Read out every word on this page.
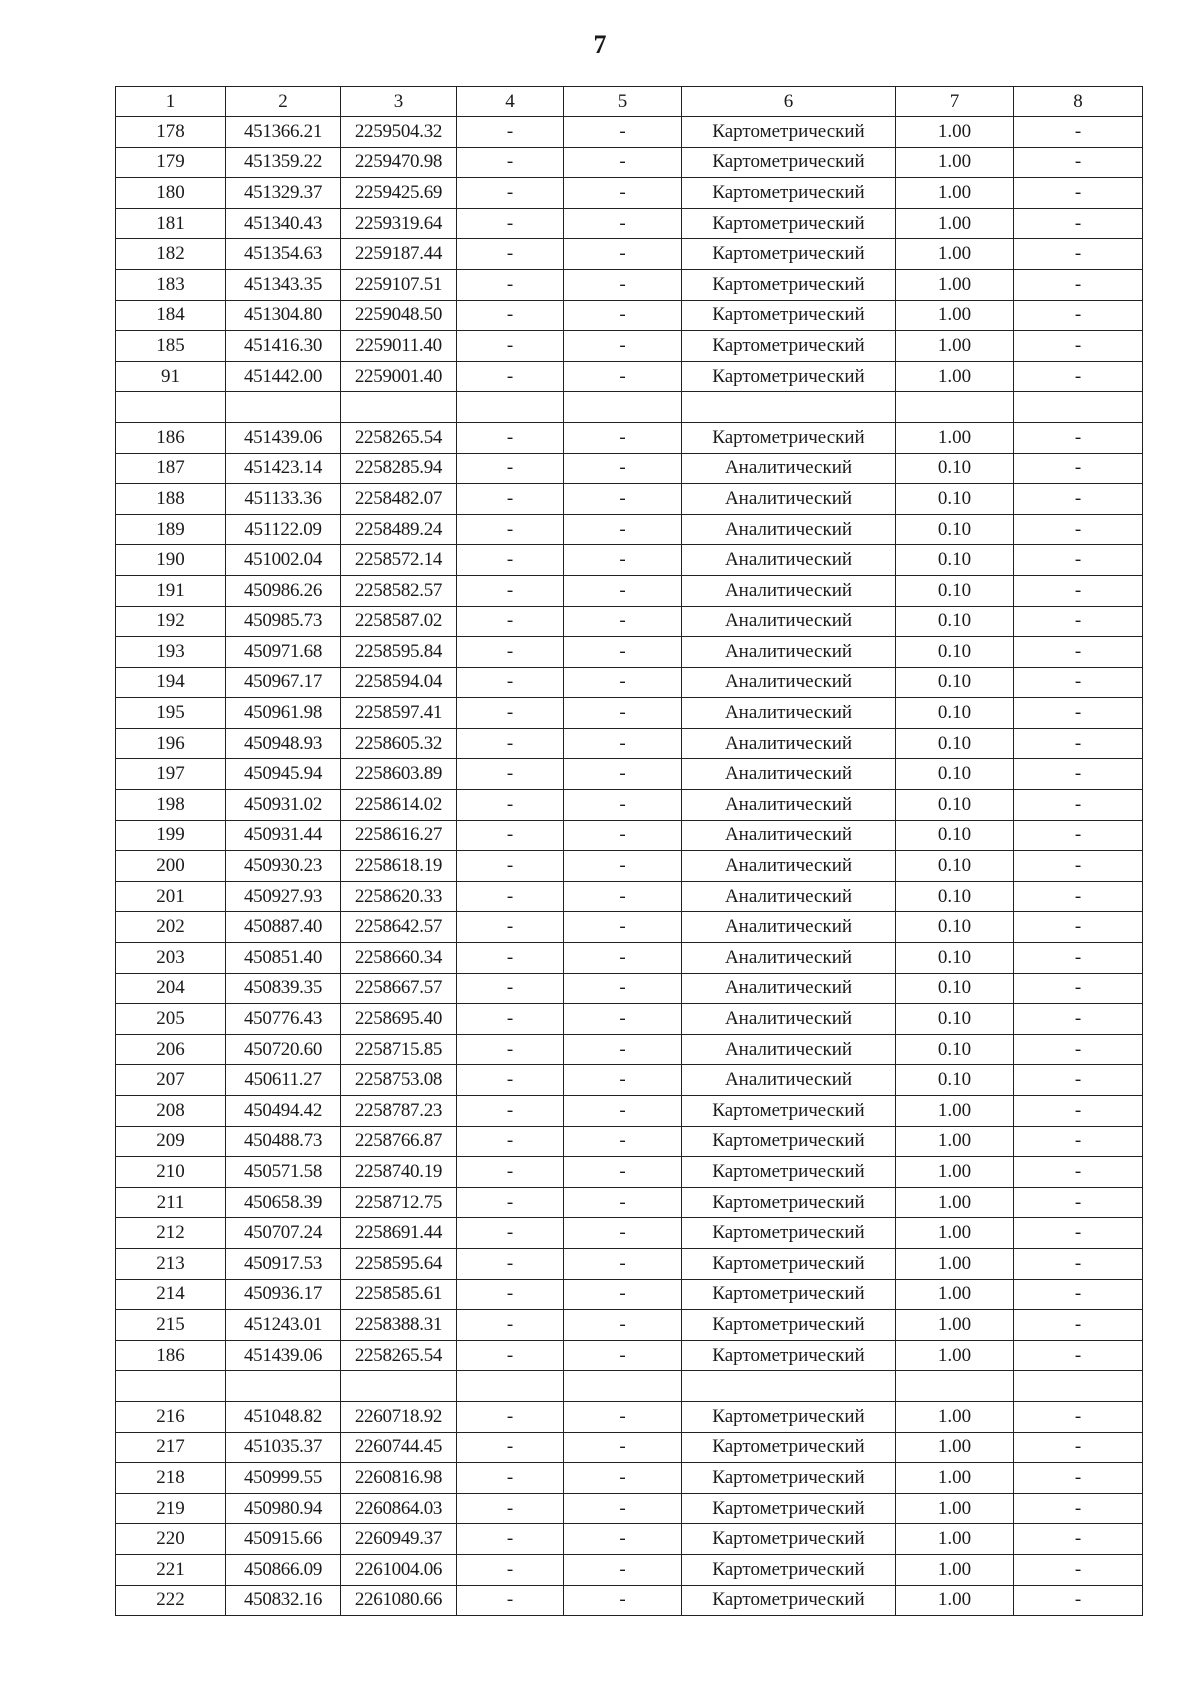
7
1	2	3	4	5	6	7	8
178	451366.21	2259504.32	-	-	Картометрический	1.00	-
179	451359.22	2259470.98	-	-	Картометрический	1.00	-
180	451329.37	2259425.69	-	-	Картометрический	1.00	-
181	451340.43	2259319.64	-	-	Картометрический	1.00	-
182	451354.63	2259187.44	-	-	Картометрический	1.00	-
183	451343.35	2259107.51	-	-	Картометрический	1.00	-
184	451304.80	2259048.50	-	-	Картометрический	1.00	-
185	451416.30	2259011.40	-	-	Картометрический	1.00	-
91	451442.00	2259001.40	-	-	Картометрический	1.00	-

186	451439.06	2258265.54	-	-	Картометрический	1.00	-
187	451423.14	2258285.94	-	-	Аналитический	0.10	-
188	451133.36	2258482.07	-	-	Аналитический	0.10	-
189	451122.09	2258489.24	-	-	Аналитический	0.10	-
190	451002.04	2258572.14	-	-	Аналитический	0.10	-
191	450986.26	2258582.57	-	-	Аналитический	0.10	-
192	450985.73	2258587.02	-	-	Аналитический	0.10	-
193	450971.68	2258595.84	-	-	Аналитический	0.10	-
194	450967.17	2258594.04	-	-	Аналитический	0.10	-
195	450961.98	2258597.41	-	-	Аналитический	0.10	-
196	450948.93	2258605.32	-	-	Аналитический	0.10	-
197	450945.94	2258603.89	-	-	Аналитический	0.10	-
198	450931.02	2258614.02	-	-	Аналитический	0.10	-
199	450931.44	2258616.27	-	-	Аналитический	0.10	-
200	450930.23	2258618.19	-	-	Аналитический	0.10	-
201	450927.93	2258620.33	-	-	Аналитический	0.10	-
202	450887.40	2258642.57	-	-	Аналитический	0.10	-
203	450851.40	2258660.34	-	-	Аналитический	0.10	-
204	450839.35	2258667.57	-	-	Аналитический	0.10	-
205	450776.43	2258695.40	-	-	Аналитический	0.10	-
206	450720.60	2258715.85	-	-	Аналитический	0.10	-
207	450611.27	2258753.08	-	-	Аналитический	0.10	-
208	450494.42	2258787.23	-	-	Картометрический	1.00	-
209	450488.73	2258766.87	-	-	Картометрический	1.00	-
210	450571.58	2258740.19	-	-	Картометрический	1.00	-
211	450658.39	2258712.75	-	-	Картометрический	1.00	-
212	450707.24	2258691.44	-	-	Картометрический	1.00	-
213	450917.53	2258595.64	-	-	Картометрический	1.00	-
214	450936.17	2258585.61	-	-	Картометрический	1.00	-
215	451243.01	2258388.31	-	-	Картометрический	1.00	-
186	451439.06	2258265.54	-	-	Картометрический	1.00	-

216	451048.82	2260718.92	-	-	Картометрический	1.00	-
217	451035.37	2260744.45	-	-	Картометрический	1.00	-
218	450999.55	2260816.98	-	-	Картометрический	1.00	-
219	450980.94	2260864.03	-	-	Картометрический	1.00	-
220	450915.66	2260949.37	-	-	Картометрический	1.00	-
221	450866.09	2261004.06	-	-	Картометрический	1.00	-
222	450832.16	2261080.66	-	-	Картометрический	1.00	-
